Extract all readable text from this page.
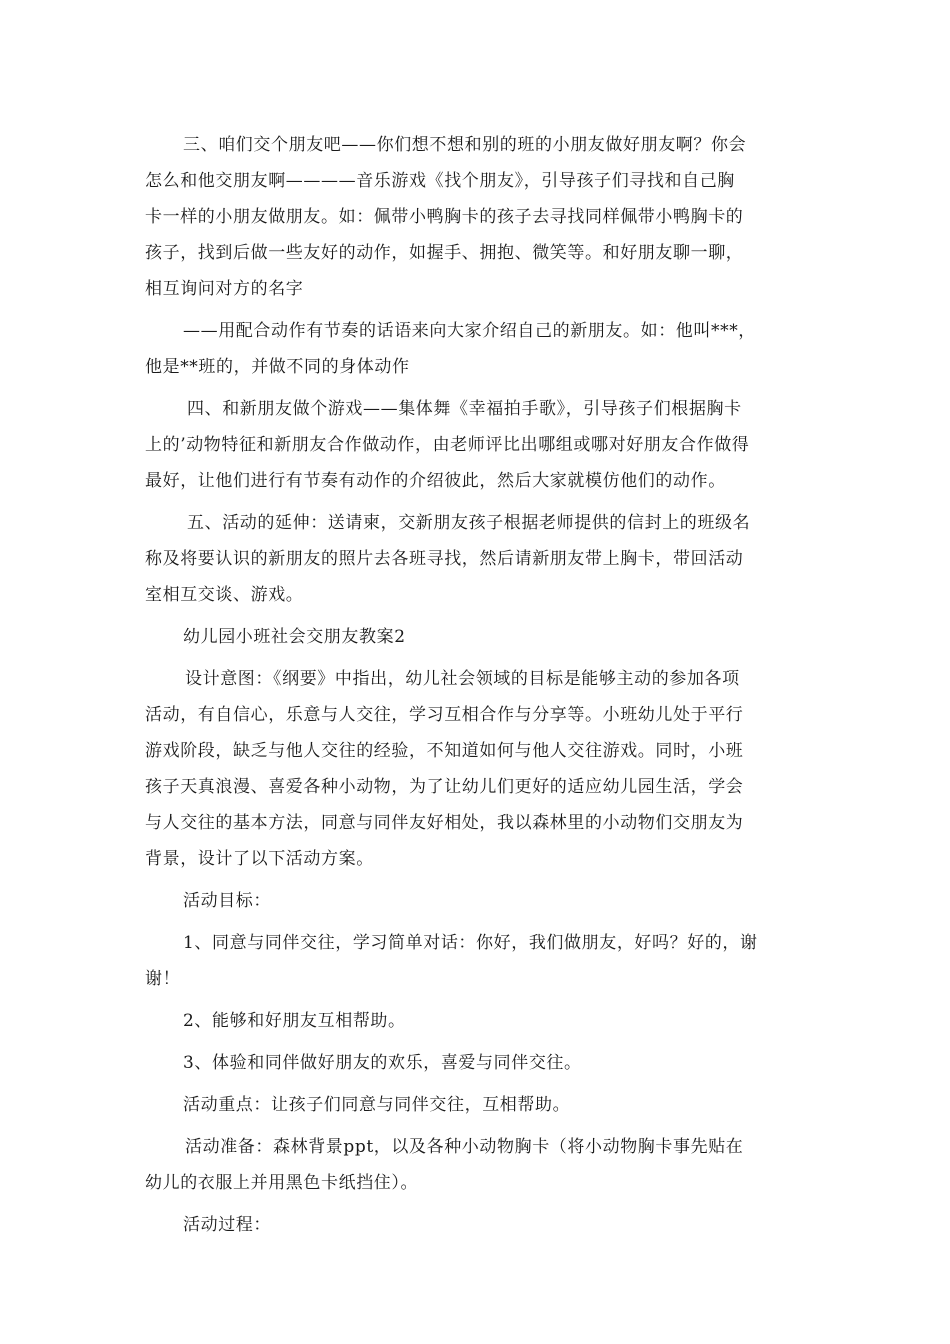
三、咱们交个朋友吧——你们想不想和别的班的小朋友做好朋友啊？你会
怎么和他交朋友啊————音乐游戏《找个朋友》，引导孩子们寻找和自己胸
卡一样的小朋友做朋友。如：佩带小鸭胸卡的孩子去寻找同样佩带小鸭胸卡的
孩子，找到后做一些友好的动作，如握手、拥抱、微笑等。和好朋友聊一聊，
相互询问对方的名字

——用配合动作有节奏的话语来向大家介绍自己的新朋友。如：他叫***，
他是**班的，并做不同的身体动作

四、和新朋友做个游戏——集体舞《幸福拍手歌》，引导孩子们根据胸卡
上的’动物特征和新朋友合作做动作，由老师评比出哪组或哪对好朋友合作做得
最好，让他们进行有节奏有动作的介绍彼此，然后大家就模仿他们的动作。

五、活动的延伸：送请柬，交新朋友孩子根据老师提供的信封上的班级名
称及将要认识的新朋友的照片去各班寻找，然后请新朋友带上胸卡，带回活动
室相互交谈、游戏。

幼儿园小班社会交朋友教案2

设计意图：《纲要》中指出，幼儿社会领域的目标是能够主动的参加各项
活动，有自信心，乐意与人交往，学习互相合作与分享等。小班幼儿处于平行
游戏阶段，缺乏与他人交往的经验，不知道如何与他人交往游戏。同时，小班
孩子天真浪漫、喜爱各种小动物，为了让幼儿们更好的适应幼儿园生活，学会
与人交往的基本方法，同意与同伴友好相处，我以森林里的小动物们交朋友为
背景，设计了以下活动方案。

活动目标：

1、同意与同伴交往，学习简单对话：你好，我们做朋友，好吗？好的，谢
谢！

2、能够和好朋友互相帮助。

3、体验和同伴做好朋友的欢乐，喜爱与同伴交往。

活动重点：让孩子们同意与同伴交往，互相帮助。

活动准备：森林背景ppt，以及各种小动物胸卡（将小动物胸卡事先贴在
幼儿的衣服上并用黑色卡纸挡住）。

活动过程：
